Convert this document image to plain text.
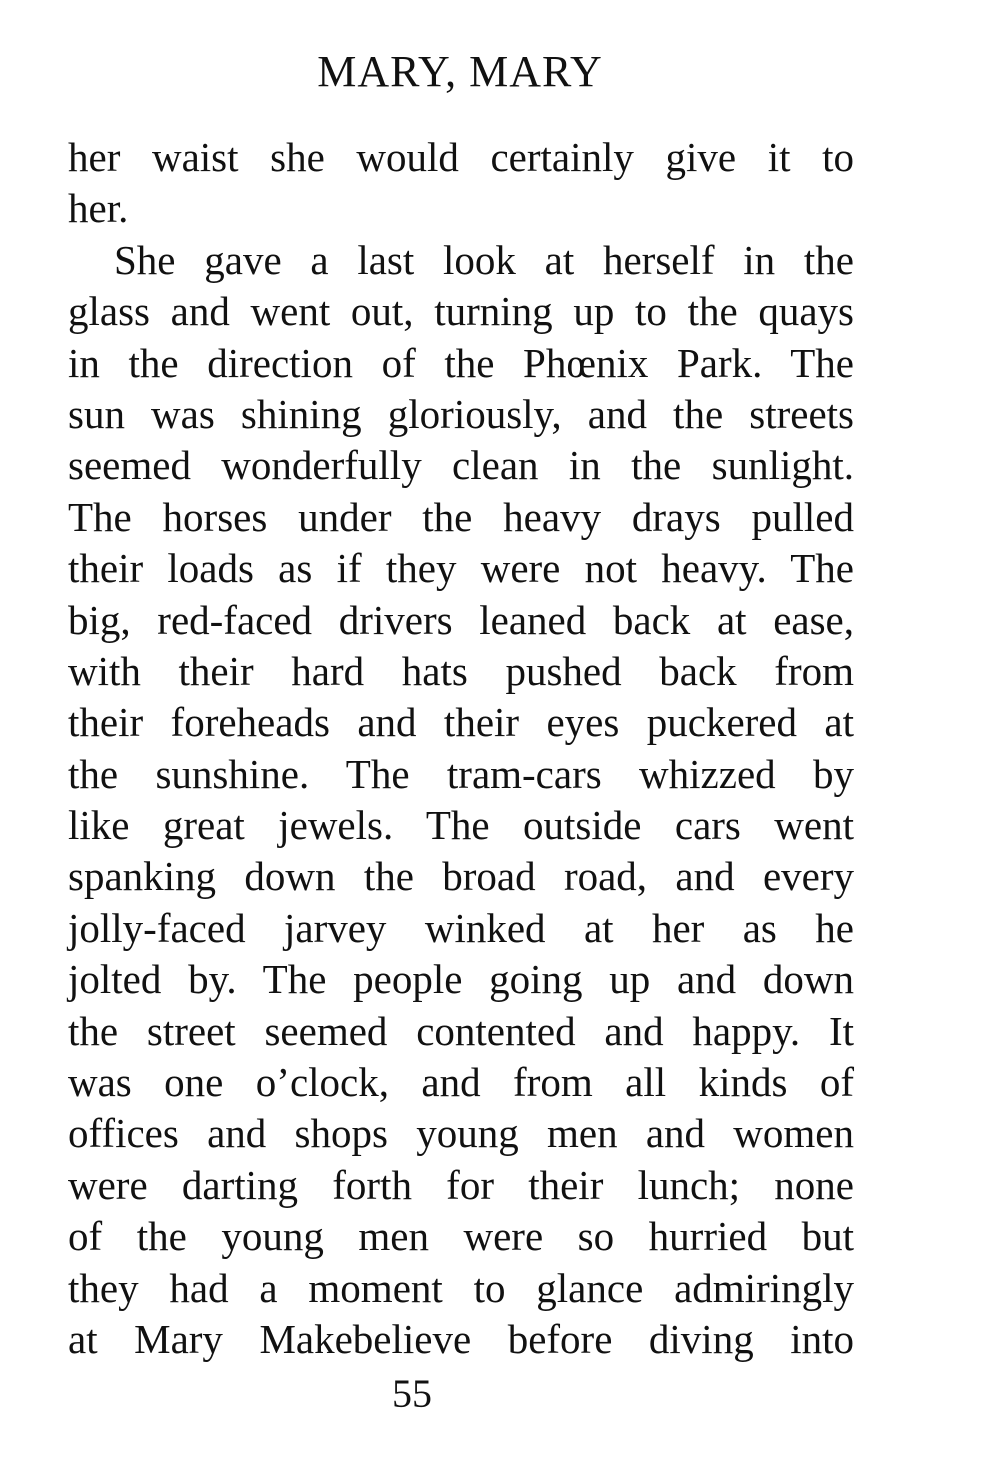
MARY, MARY
her waist she would certainly give it to
her.
She gave a last look at herself in the
glass and went out, turning up to the quays
in the direction of the Phœnix Park. The
sun was shining gloriously, and the streets
seemed wonderfully clean in the sunlight.
The horses under the heavy drays pulled
their loads as if they were not heavy. The
big, red-faced drivers leaned back at ease,
with their hard hats pushed back from
their foreheads and their eyes puckered at
the sunshine. The tram-cars whizzed by
like great jewels. The outside cars went
spanking down the broad road, and every
jolly-faced jarvey winked at her as he
jolted by. The people going up and down
the street seemed contented and happy. It
was one o’clock, and from all kinds of
offices and shops young men and women
were darting forth for their lunch; none
of the young men were so hurried but
they had a moment to glance admiringly
at Mary Makebelieve before diving into
55
